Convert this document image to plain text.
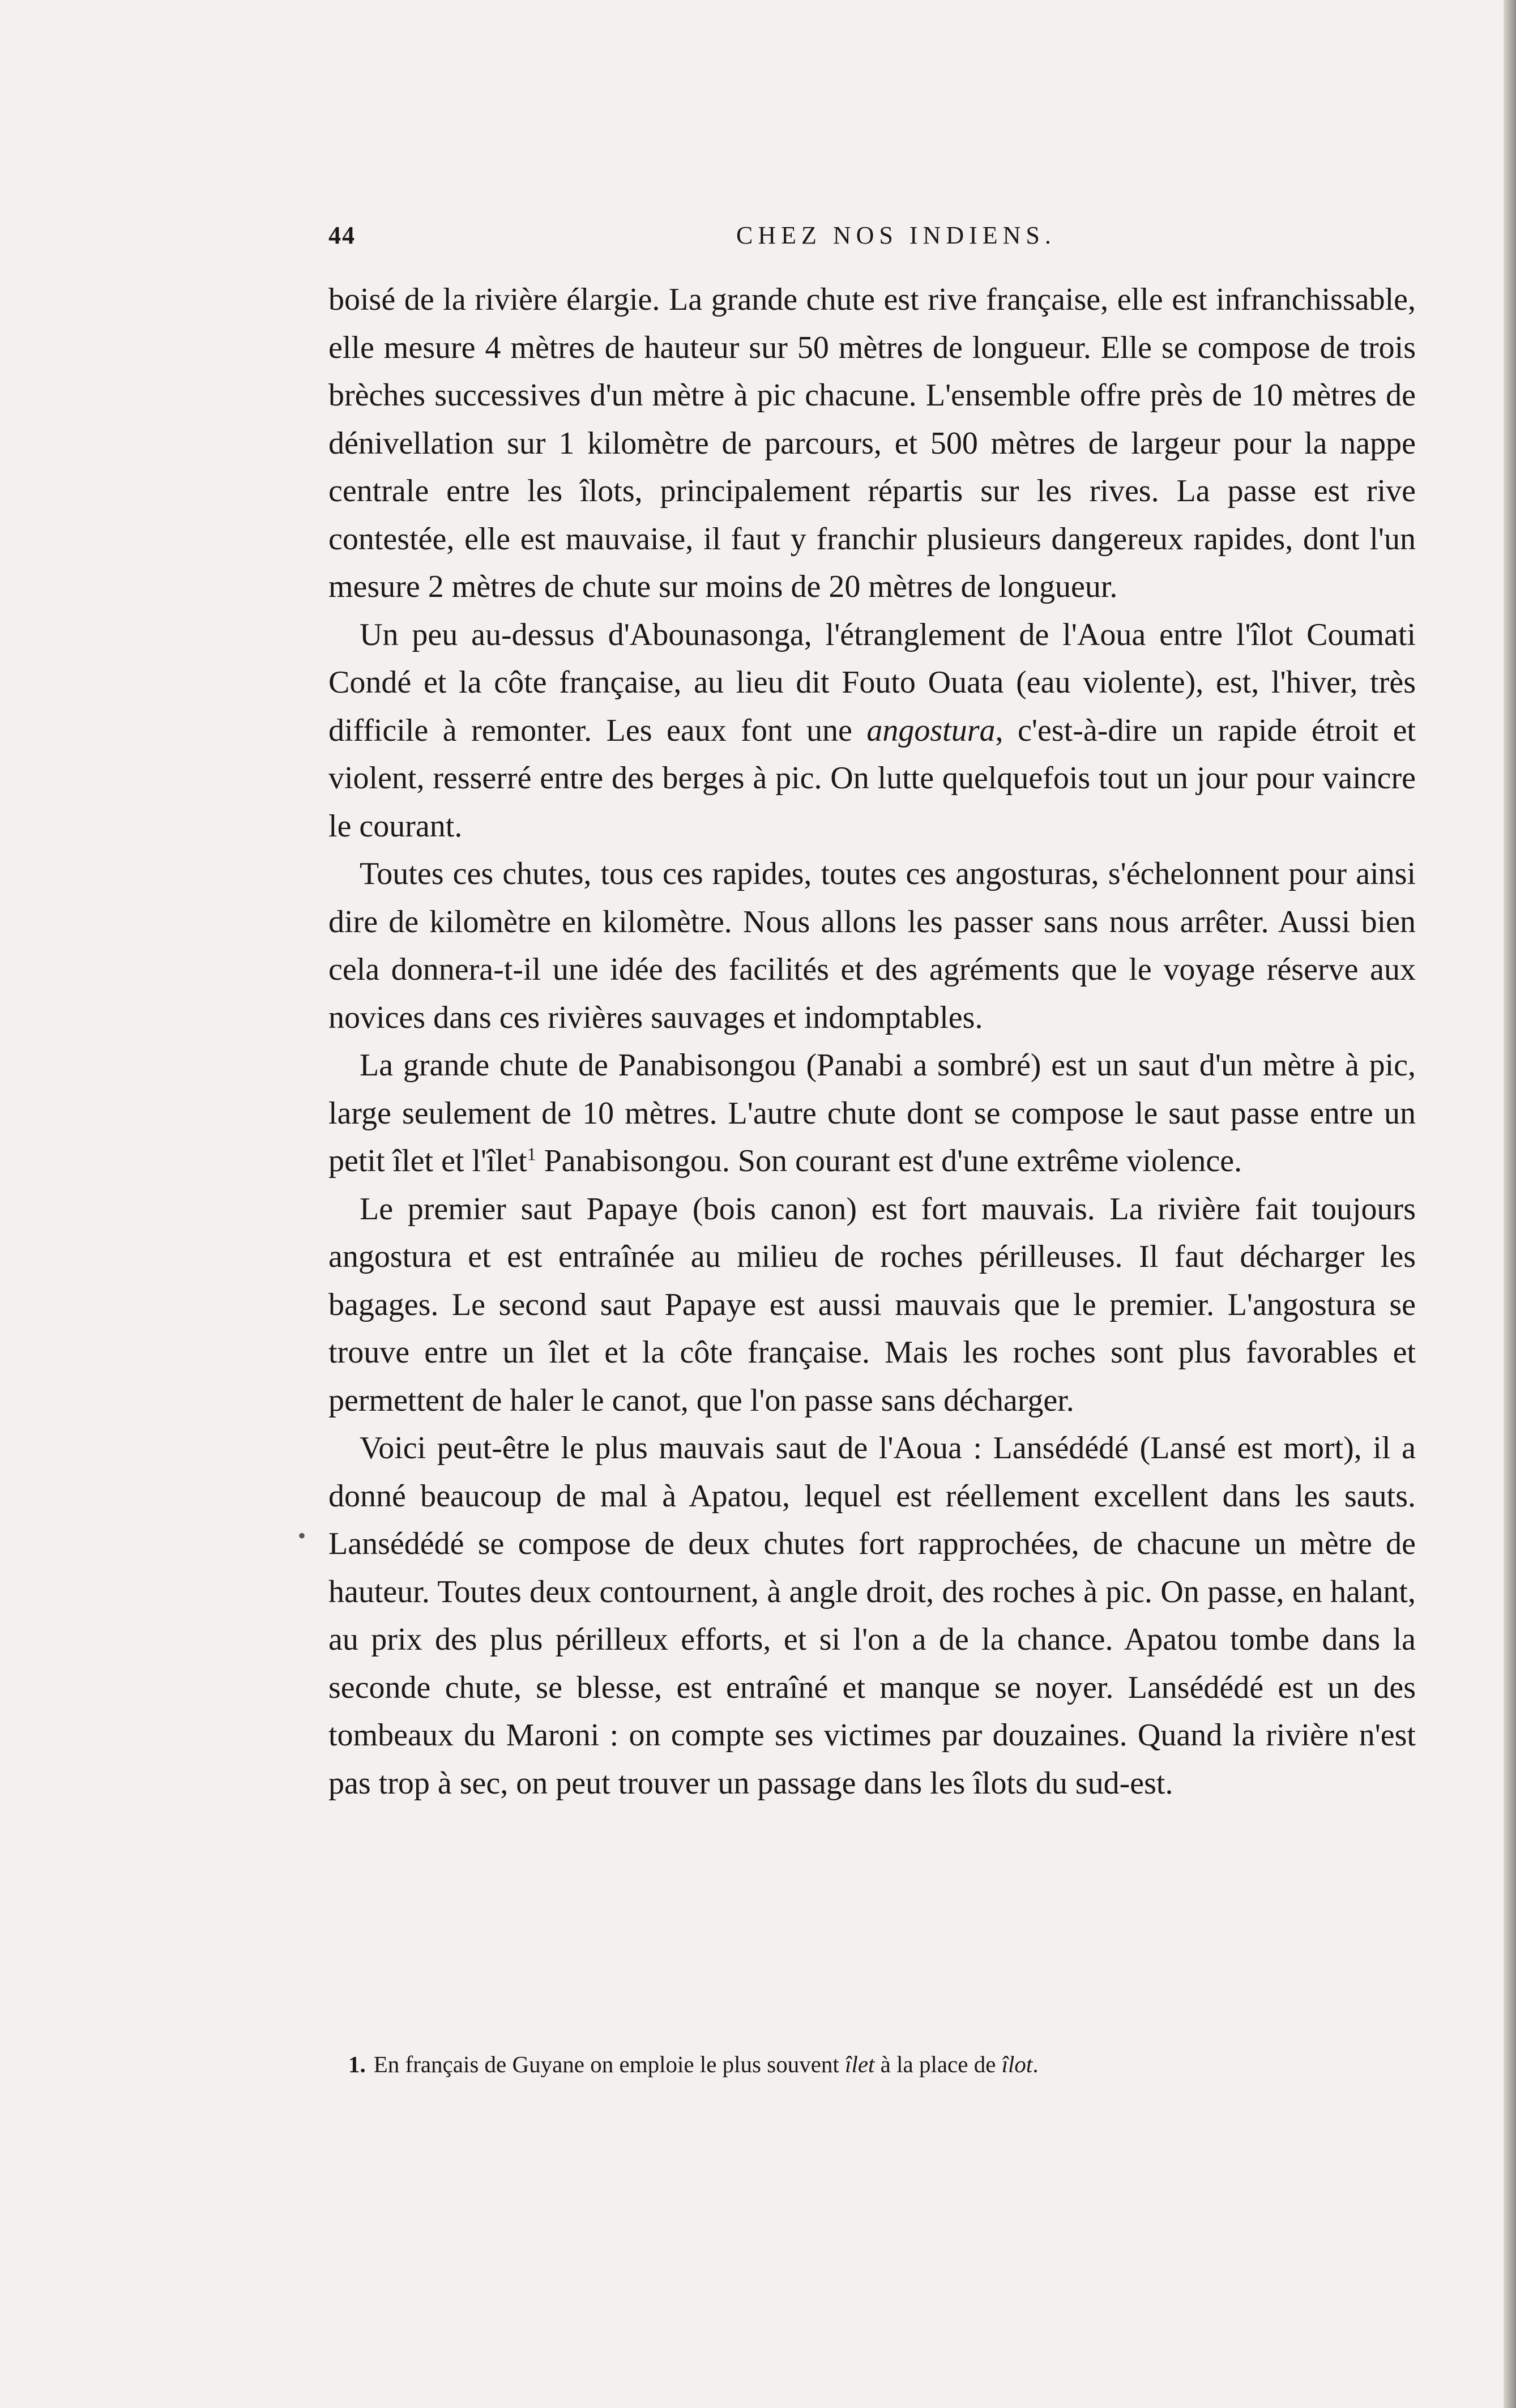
44	CHEZ NOS INDIENS.

boisé de la rivière élargie. La grande chute est rive française, elle est infranchissable, elle mesure 4 mètres de hauteur sur 50 mètres de longueur. Elle se compose de trois brèches successives d'un mètre à pic chacune. L'ensemble offre près de 10 mètres de dénivellation sur 1 kilomètre de parcours, et 500 mètres de largeur pour la nappe centrale entre les îlots, principalement répartis sur les rives. La passe est rive contestée, elle est mauvaise, il faut y franchir plusieurs dangereux rapides, dont l'un mesure 2 mètres de chute sur moins de 20 mètres de longueur.

Un peu au-dessus d'Abounasonga, l'étranglement de l'Aoua entre l'îlot Coumati Condé et la côte française, au lieu dit Fouto Ouata (eau violente), est, l'hiver, très difficile à remonter. Les eaux font une angostura, c'est-à-dire un rapide étroit et violent, resserré entre des berges à pic. On lutte quelquefois tout un jour pour vaincre le courant.

Toutes ces chutes, tous ces rapides, toutes ces angosturas, s'échelonnent pour ainsi dire de kilomètre en kilomètre. Nous allons les passer sans nous arrêter. Aussi bien cela donnera-t-il une idée des facilités et des agréments que le voyage réserve aux novices dans ces rivières sauvages et indomptables.

La grande chute de Panabisongou (Panabi a sombré) est un saut d'un mètre à pic, large seulement de 10 mètres. L'autre chute dont se compose le saut passe entre un petit îlet et l'îlet$^1$ Panabisongou. Son courant est d'une extrême violence.

Le premier saut Papaye (bois canon) est fort mauvais. La rivière fait toujours angostura et est entraînée au milieu de roches périlleuses. Il faut décharger les bagages. Le second saut Papaye est aussi mauvais que le premier. L'angostura se trouve entre un îlet et la côte française. Mais les roches sont plus favorables et permettent de haler le canot, que l'on passe sans décharger.

Voici peut-être le plus mauvais saut de l'Aoua : Lansédédé (Lansé est mort), il a donné beaucoup de mal à Apatou, lequel est réellement excellent dans les sauts. Lansédédé se compose de deux chutes fort rapprochées, de chacune un mètre de hauteur. Toutes deux contournent, à angle droit, des roches à pic. On passe, en halant, au prix des plus périlleux efforts, et si l'on a de la chance. Apatou tombe dans la seconde chute, se blesse, est entraîné et manque se noyer. Lansédédé est un des tombeaux du Maroni : on compte ses victimes par douzaines. Quand la rivière n'est pas trop à sec, on peut trouver un passage dans les îlots du sud-est.

•
1. En français de Guyane on emploie le plus souvent îlet à la place de îlot.
